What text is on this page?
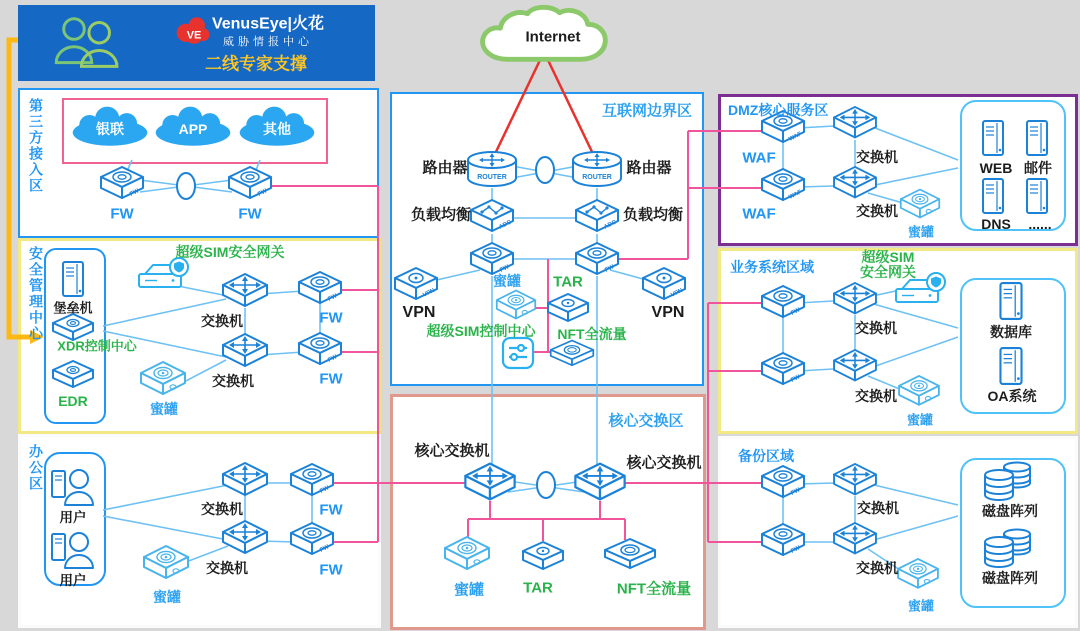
VE
VenusEye|火花
威胁情报中心
二线专家支撑
Internet
第三方接入区	银联	APP	其他
FW	FW
FW	FW
安全管理中心 堡垒机
XDR控制中心
EDR
超级SIM安全网关
交换机
交换机
FW
FW
FW
FW
蜜罐
办公区
用户
用户
交换机
交换机
FW
FW
FW
FW
蜜罐
互联网边界区
ROUTER
路由器
ROUTER
路由器
ADC
负载均衡
ADC
负载均衡
FW	FW
VPN
VPN
VPN
VPN
蜜罐 TAR
超级SIM控制中心 NFT全流量
核心交换区
核心交换机
核心交换机
蜜罐	TAR	NFT全流量
DMZ核心服务区
WAF
WAF
WAF
WAF
交换机
交换机
蜜罐
WEB 邮件
DNS ......
业务系统区域
超级SIM
安全网关
FW
FW
交换机
交换机
蜜罐
数据库
OA系统
备份区域
FW
FW
交换机
交换机
蜜罐
磁盘阵列
磁盘阵列
